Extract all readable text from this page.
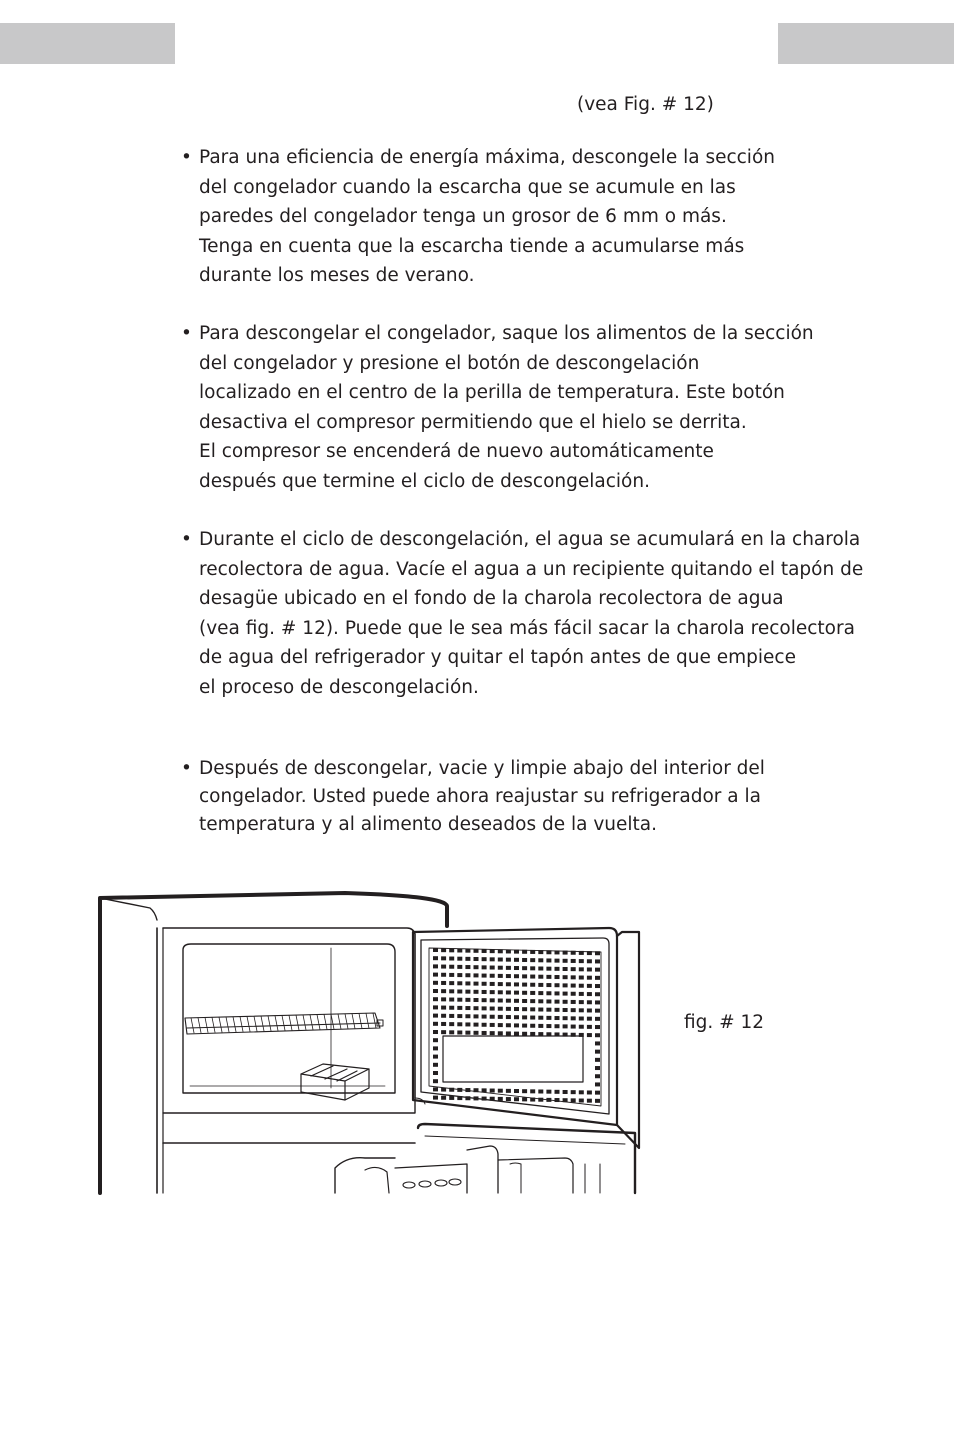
(vea Fig. # 12)
• Para una eficiencia de energía máxima, descongele la sección
del congelador cuando la escarcha que se acumule en las
paredes del congelador tenga un grosor de 6 mm o más.
Tenga en cuenta que la escarcha tiende a acumularse más
durante los meses de verano.
• Para descongelar el congelador, saque los alimentos de la sección
del congelador y presione el botón de descongelación
localizado en el centro de la perilla de temperatura. Este botón
desactiva el compresor permitiendo que el hielo se derrita.
El compresor se encenderá de nuevo automáticamente
después que termine el ciclo de descongelación.
• Durante el ciclo de descongelación, el agua se acumulará en la charola
recolectora de agua. Vacíe el agua a un recipiente quitando el tapón de
desagüe ubicado en el fondo de la charola recolectora de agua
(vea fig. # 12). Puede que le sea más fácil sacar la charola recolectora
de agua del refrigerador y quitar el tapón antes de que empiece
el proceso de descongelación.
• Después de descongelar, vacie y limpie abajo del interior del
congelador. Usted puede ahora reajustar su refrigerador a la
temperatura y al alimento deseados de la vuelta.
fig. # 12
